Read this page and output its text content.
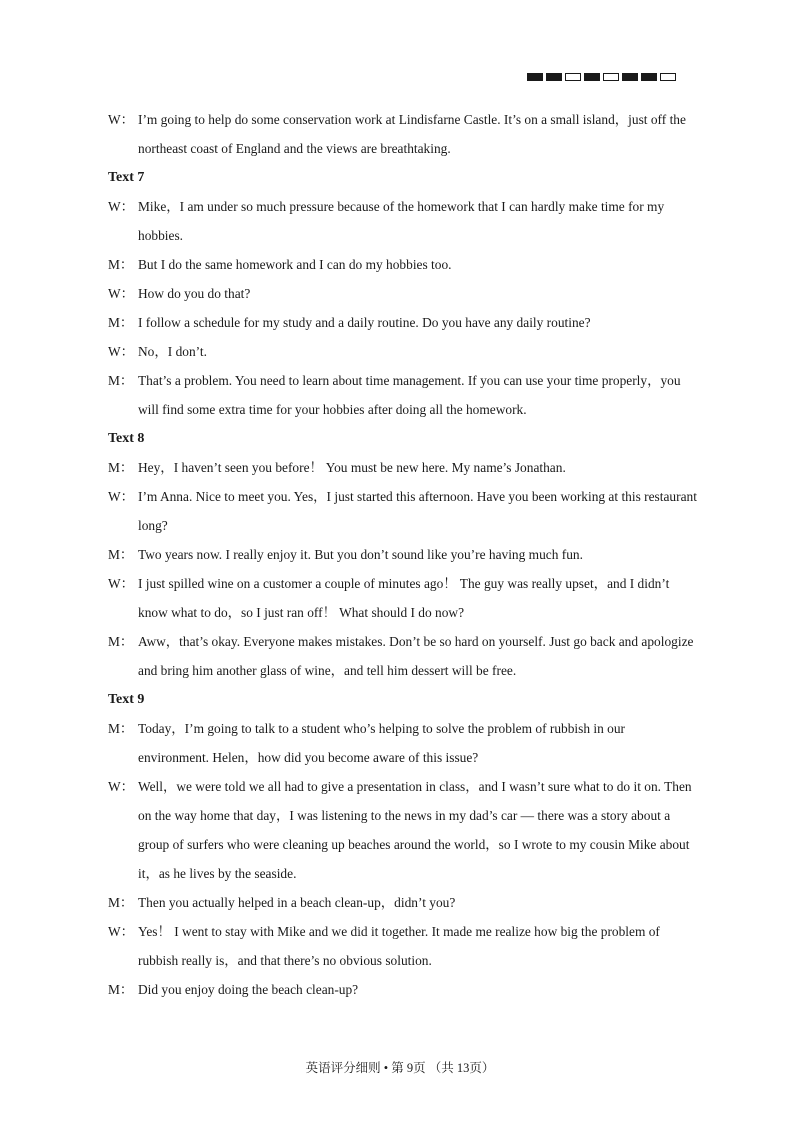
W： I’m going to help do some conservation work at Lindisfarne Castle. It’s on a small island，just off the northeast coast of England and the views are breathtaking.
Text 7
W： Mike，I am under so much pressure because of the homework that I can hardly make time for my hobbies.
M： But I do the same homework and I can do my hobbies too.
W： How do you do that?
M： I follow a schedule for my study and a daily routine. Do you have any daily routine?
W： No，I don’t.
M： That’s a problem. You need to learn about time management. If you can use your time properly，you will find some extra time for your hobbies after doing all the homework.
Text 8
M： Hey，I haven’t seen you before！ You must be new here. My name’s Jonathan.
W： I’m Anna. Nice to meet you. Yes，I just started this afternoon. Have you been working at this restaurant long?
M： Two years now. I really enjoy it. But you don’t sound like you’re having much fun.
W： I just spilled wine on a customer a couple of minutes ago！ The guy was really upset，and I didn’t know what to do，so I just ran off！ What should I do now?
M： Aww，that’s okay. Everyone makes mistakes. Don’t be so hard on yourself. Just go back and apologize and bring him another glass of wine，and tell him dessert will be free.
Text 9
M： Today，I’m going to talk to a student who’s helping to solve the problem of rubbish in our environment. Helen，how did you become aware of this issue?
W： Well，we were told we all had to give a presentation in class，and I wasn’t sure what to do it on. Then on the way home that day，I was listening to the news in my dad’s car — there was a story about a group of surfers who were cleaning up beaches around the world，so I wrote to my cousin Mike about it，as he lives by the seaside.
M： Then you actually helped in a beach clean-up，didn’t you?
W： Yes！ I went to stay with Mike and we did it together. It made me realize how big the problem of rubbish really is，and that there’s no obvious solution.
M： Did you enjoy doing the beach clean-up?
英语评分细则 • 第 9页 （共 13页）
